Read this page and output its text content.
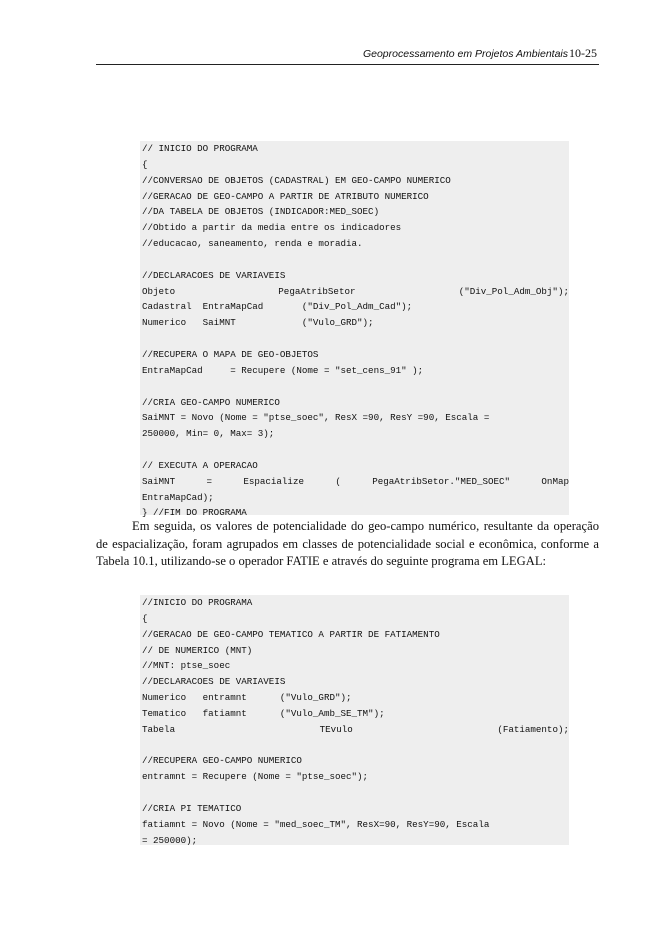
Geoprocessamento em Projetos Ambientais10-25
// INICIO DO PROGRAMA
{
//CONVERSAO DE OBJETOS (CADASTRAL) EM GEO-CAMPO NUMERICO
//GERACAO DE GEO-CAMPO A PARTIR DE ATRIBUTO NUMERICO
//DA TABELA DE OBJETOS (INDICADOR:MED_SOEC)
//Obtido a partir da media entre os indicadores
//educacao, saneamento, renda e moradia.
//DECLARACOES DE VARIAVEIS
Objeto	PegaAtribSetor	("Div_Pol_Adm_Obj");
Cadastral  EntraMapCad       ("Div_Pol_Adm_Cad");
Numerico   SaiMNT            ("Vulo_GRD");
//RECUPERA O MAPA DE GEO-OBJETOS
EntraMapCad     = Recupere (Nome = "set_cens_91" );
//CRIA GEO-CAMPO NUMERICO
SaiMNT = Novo (Nome = "ptse_soec", ResX =90, ResY =90, Escala =
250000, Min= 0, Max= 3);
// EXECUTA A OPERACAO
SaiMNT	=	Espacialize	(	PegaAtribSetor."MED_SOEC"	OnMap
EntraMapCad);
} //FIM DO PROGRAMA
Em seguida, os valores de potencialidade do geo-campo numérico, resultante da operação de espacialização, foram agrupados em classes de potencialidade social e econômica, conforme a Tabela 10.1, utilizando-se o operador FATIE e através do seguinte programa em LEGAL:
//INICIO DO PROGRAMA
{
//GERACAO DE GEO-CAMPO TEMATICO A PARTIR DE FATIAMENTO
// DE NUMERICO (MNT)
//MNT: ptse_soec
//DECLARACOES DE VARIAVEIS
Numerico   entramnt      ("Vulo_GRD");
Tematico   fatiamnt      ("Vulo_Amb_SE_TM");
Tabela	TEvulo	(Fatiamento);
//RECUPERA GEO-CAMPO NUMERICO
entramnt = Recupere (Nome = "ptse_soec");
//CRIA PI TEMATICO
fatiamnt = Novo (Nome = "med_soec_TM", ResX=90, ResY=90, Escala
= 250000);
